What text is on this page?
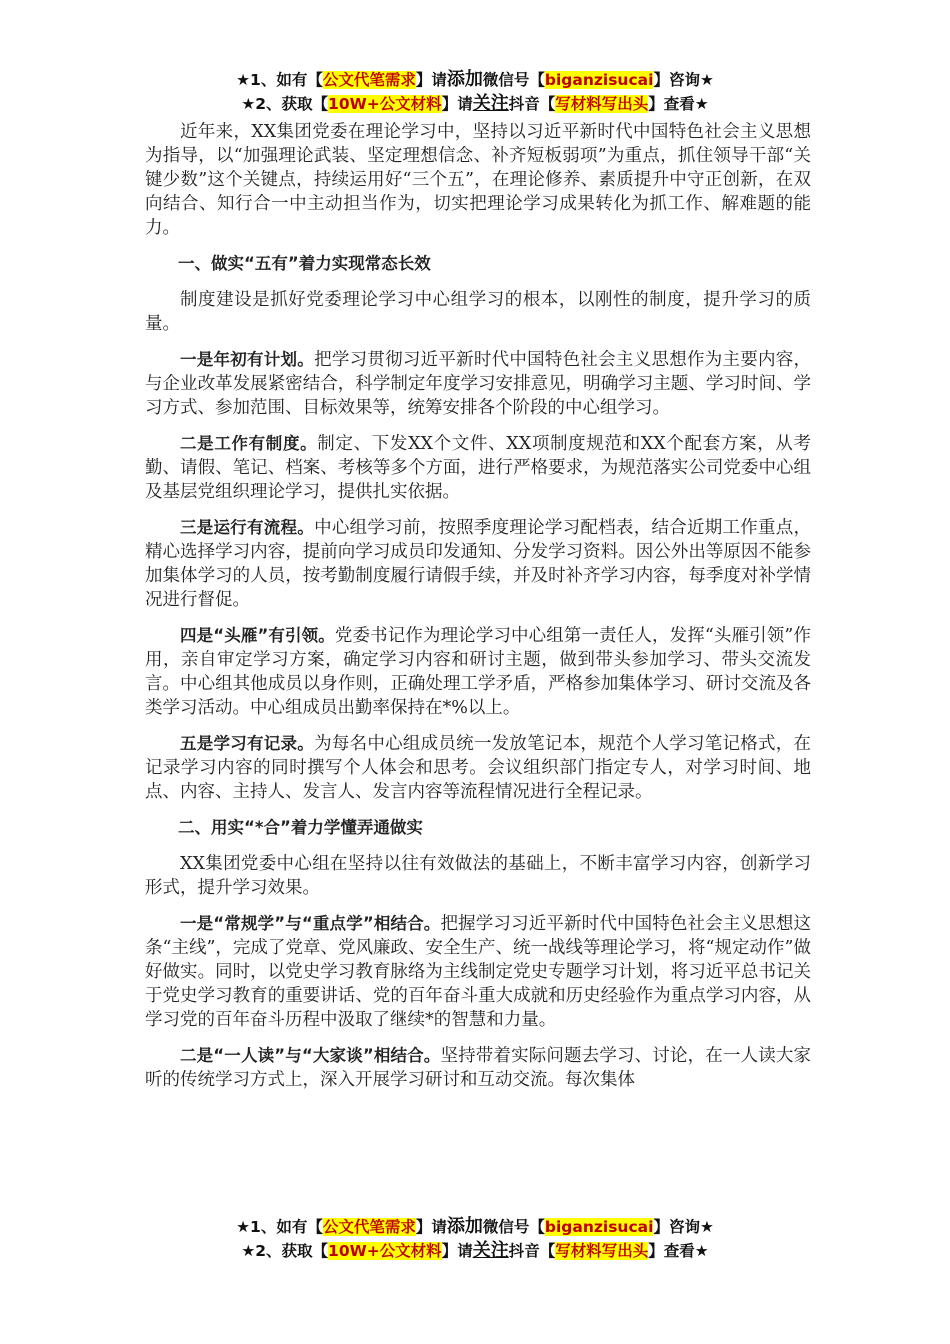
★1、如有【公文代笔需求】请添加微信号【biganzisucai】咨询★
★2、获取【10W+公文材料】请关注抖音【写材料写出头】查看★

近年来，XX集团党委在理论学习中，坚持以习近平新时代中国特色社会主义思想为指导，以“加强理论武装、坚定理想信念、补齐短板弱项”为重点，抓住领导干部“关键少数”这个关键点，持续运用好“三个五”，在理论修养、素质提升中守正创新，在双向结合、知行合一中主动担当作为，切实把理论学习成果转化为抓工作、解难题的能力。

一、做实“五有”着力实现常态长效

制度建设是抓好党委理论学习中心组学习的根本，以刚性的制度，提升学习的质量。

一是年初有计划。把学习贯彻习近平新时代中国特色社会主义思想作为主要内容，与企业改革发展紧密结合，科学制定年度学习安排意见，明确学习主题、学习时间、学习方式、参加范围、目标效果等，统筹安排各个阶段的中心组学习。

二是工作有制度。制定、下发XX个文件、XX项制度规范和XX个配套方案，从考勤、请假、笔记、档案、考核等多个方面，进行严格要求，为规范落实公司党委中心组及基层党组织理论学习，提供扎实依据。

三是运行有流程。中心组学习前，按照季度理论学习配档表，结合近期工作重点，精心选择学习内容，提前向学习成员印发通知、分发学习资料。因公外出等原因不能参加集体学习的人员，按考勤制度履行请假手续，并及时补齐学习内容，每季度对补学情况进行督促。

四是“头雁”有引领。党委书记作为理论学习中心组第一责任人，发挥“头雁引领”作用，亲自审定学习方案，确定学习内容和研讨主题，做到带头参加学习、带头交流发言。中心组其他成员以身作则，正确处理工学矛盾，严格参加集体学习、研讨交流及各类学习活动。中心组成员出勤率保持在*%以上。

五是学习有记录。为每名中心组成员统一发放笔记本，规范个人学习笔记格式，在记录学习内容的同时撰写个人体会和思考。会议组织部门指定专人，对学习时间、地点、内容、主持人、发言人、发言内容等流程情况进行全程记录。

二、用实“*合”着力学懂弄通做实

XX集团党委中心组在坚持以往有效做法的基础上，不断丰富学习内容，创新学习形式，提升学习效果。

一是“常规学”与“重点学”相结合。把握学习习近平新时代中国特色社会主义思想这条“主线”，完成了党章、党风廉政、安全生产、统一战线等理论学习，将“规定动作”做好做实。同时，以党史学习教育脉络为主线制定党史专题学习计划，将习近平总书记关于党史学习教育的重要讲话、党的百年奋斗重大成就和历史经验作为重点学习内容，从学习党的百年奋斗历程中汲取了继续*的智慧和力量。

二是“一人读”与“大家谈”相结合。坚持带着实际问题去学习、讨论，在一人读大家听的传统学习方式上，深入开展学习研讨和互动交流。每次集体

★1、如有【公文代笔需求】请添加微信号【biganzisucai】咨询★
★2、获取【10W+公文材料】请关注抖音【写材料写出头】查看★
